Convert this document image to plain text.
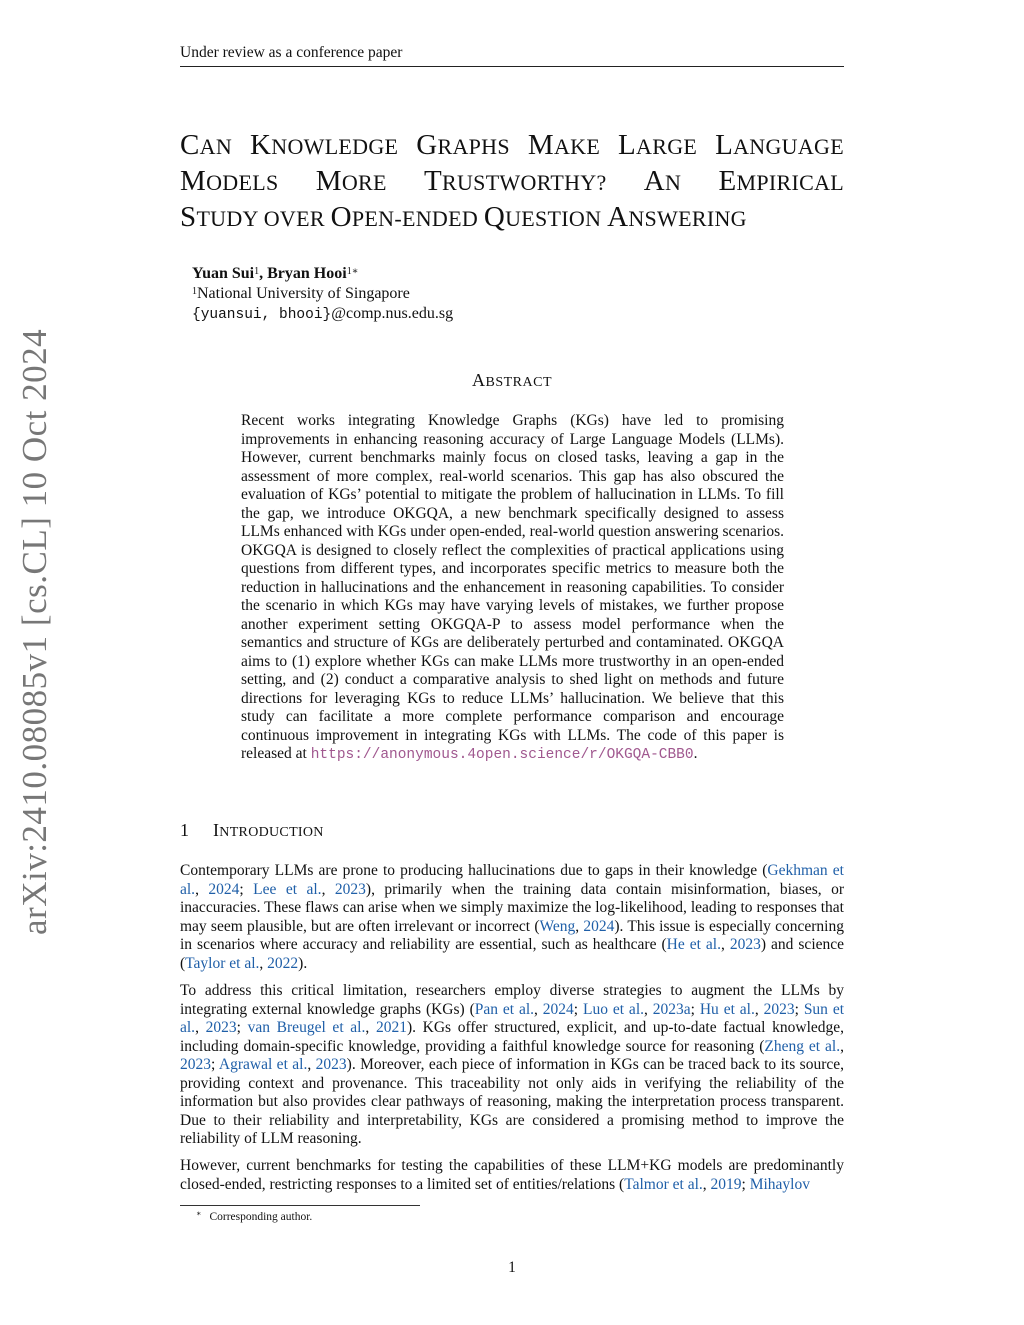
Under review as a conference paper
CAN KNOWLEDGE GRAPHS MAKE LARGE LANGUAGE
MODELS MORE TRUSTWORTHY? AN EMPIRICAL
STUDY OVER OPEN-ENDED QUESTION ANSWERING
Yuan Sui$^1$, Bryan Hooi$^{1∗}$
$^1$National University of Singapore
{yuansui, bhooi}@comp.nus.edu.sg
arXiv:2410.08085v1 [cs.CL] 10 Oct 2024	ABSTRACT
Recent works integrating Knowledge Graphs (KGs) have led to promising improvements in enhancing reasoning accuracy of Large Language Models (LLMs). However, current benchmarks mainly focus on closed tasks, leaving a gap in the assessment of more complex, real-world scenarios. This gap has also obscured the evaluation of KGs’ potential to mitigate the problem of hallucination in LLMs. To fill the gap, we introduce OKGQA, a new benchmark specifically designed to assess LLMs enhanced with KGs under open-ended, real-world question answering scenarios. OKGQA is designed to closely reflect the complexities of practical applications using questions from different types, and incorporates specific metrics to measure both the reduction in hallucinations and the enhancement in reasoning capabilities. To consider the scenario in which KGs may have varying levels of mistakes, we further propose another experiment setting OKGQA-P to assess model performance when the semantics and structure of KGs are deliberately perturbed and contaminated. OKGQA aims to (1) explore whether KGs can make LLMs more trustworthy in an open-ended setting, and (2) conduct a comparative analysis to shed light on methods and future directions for leveraging KGs to reduce LLMs’ hallucination. We believe that this study can facilitate a more complete performance comparison and encourage continuous improvement in integrating KGs with LLMs. The code of this paper is released at https://anonymous.4open.science/r/OKGQA-CBB0.
1 INTRODUCTION
Contemporary LLMs are prone to producing hallucinations due to gaps in their knowledge (Gekhman et al., 2024; Lee et al., 2023), primarily when the training data contain misinformation, biases, or inaccuracies. These flaws can arise when we simply maximize the log-likelihood, leading to responses that may seem plausible, but are often irrelevant or incorrect (Weng, 2024). This issue is especially concerning in scenarios where accuracy and reliability are essential, such as healthcare (He et al., 2023) and science (Taylor et al., 2022).
To address this critical limitation, researchers employ diverse strategies to augment the LLMs by integrating external knowledge graphs (KGs) (Pan et al., 2024; Luo et al., 2023a; Hu et al., 2023; Sun et al., 2023; van Breugel et al., 2021). KGs offer structured, explicit, and up-to-date factual knowledge, including domain-specific knowledge, providing a faithful knowledge source for reasoning (Zheng et al., 2023; Agrawal et al., 2023). Moreover, each piece of information in KGs can be traced back to its source, providing context and provenance. This traceability not only aids in verifying the reliability of the information but also provides clear pathways of reasoning, making the interpretation process transparent. Due to their reliability and interpretability, KGs are considered a promising method to improve the reliability of LLM reasoning.
However, current benchmarks for testing the capabilities of these LLM+KG models are predominantly closed-ended, restricting responses to a limited set of entities/relations (Talmor et al., 2019; Mihaylov
∗ Corresponding author.
1
